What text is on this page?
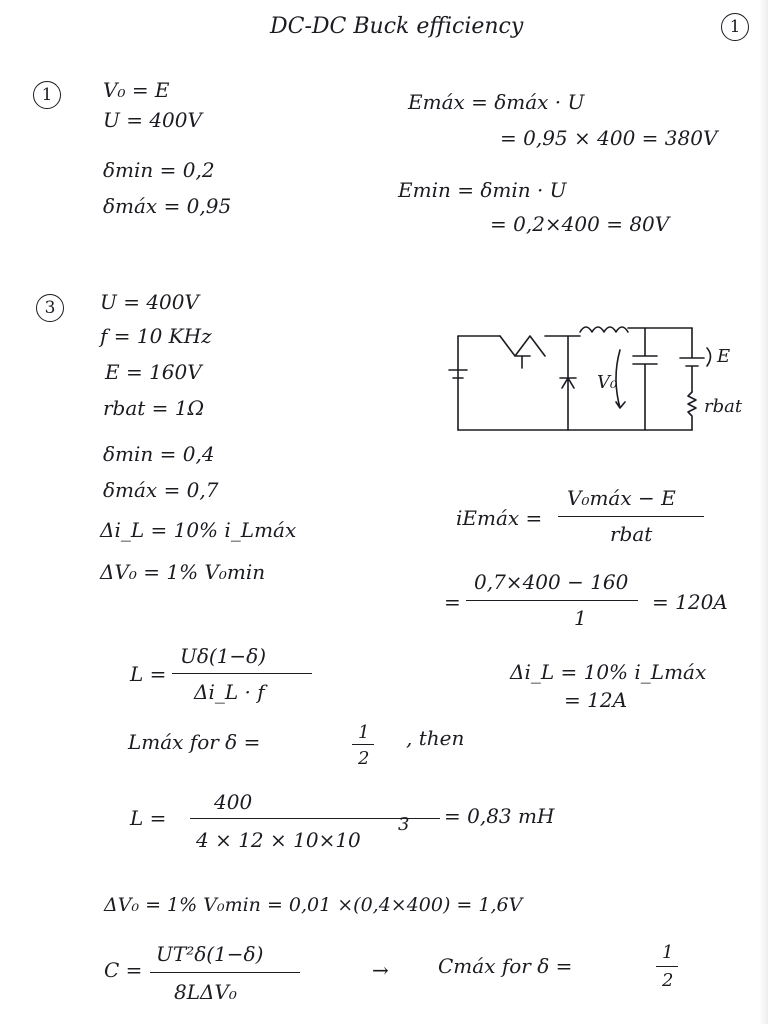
DC-DC Buck efficiency	1
1	V₀ = E
U = 400V
δmin = 0,2
δmáx = 0,95
Emáx = δmáx · U
= 0,95 × 400 = 380V
Emin = δmin · U
= 0,2×400 = 80V
3	U = 400V
f = 10 KHz
E = 160V
rbat = 1Ω
δmin = 0,4
δmáx = 0,7
Δi_L = 10% i_Lmáx
ΔV₀ = 1% V₀min
V₀
E
rbat
iEmáx =
V₀máx − E
rbat
=
0,7×400 − 160
1
= 120A
L =
Uδ(1−δ)
Δi_L · f
Δi_L = 10% i_Lmáx
= 12A
Lmáx for δ =	1
2
, then
L =
400
4 × 12 × 10×10
3 = 0,83 mH
ΔV₀ = 1% V₀min = 0,01 ×(0,4×400) = 1,6V
C =
UT²δ(1−δ)
8LΔV₀
→ Cmáx for δ =
1
2
